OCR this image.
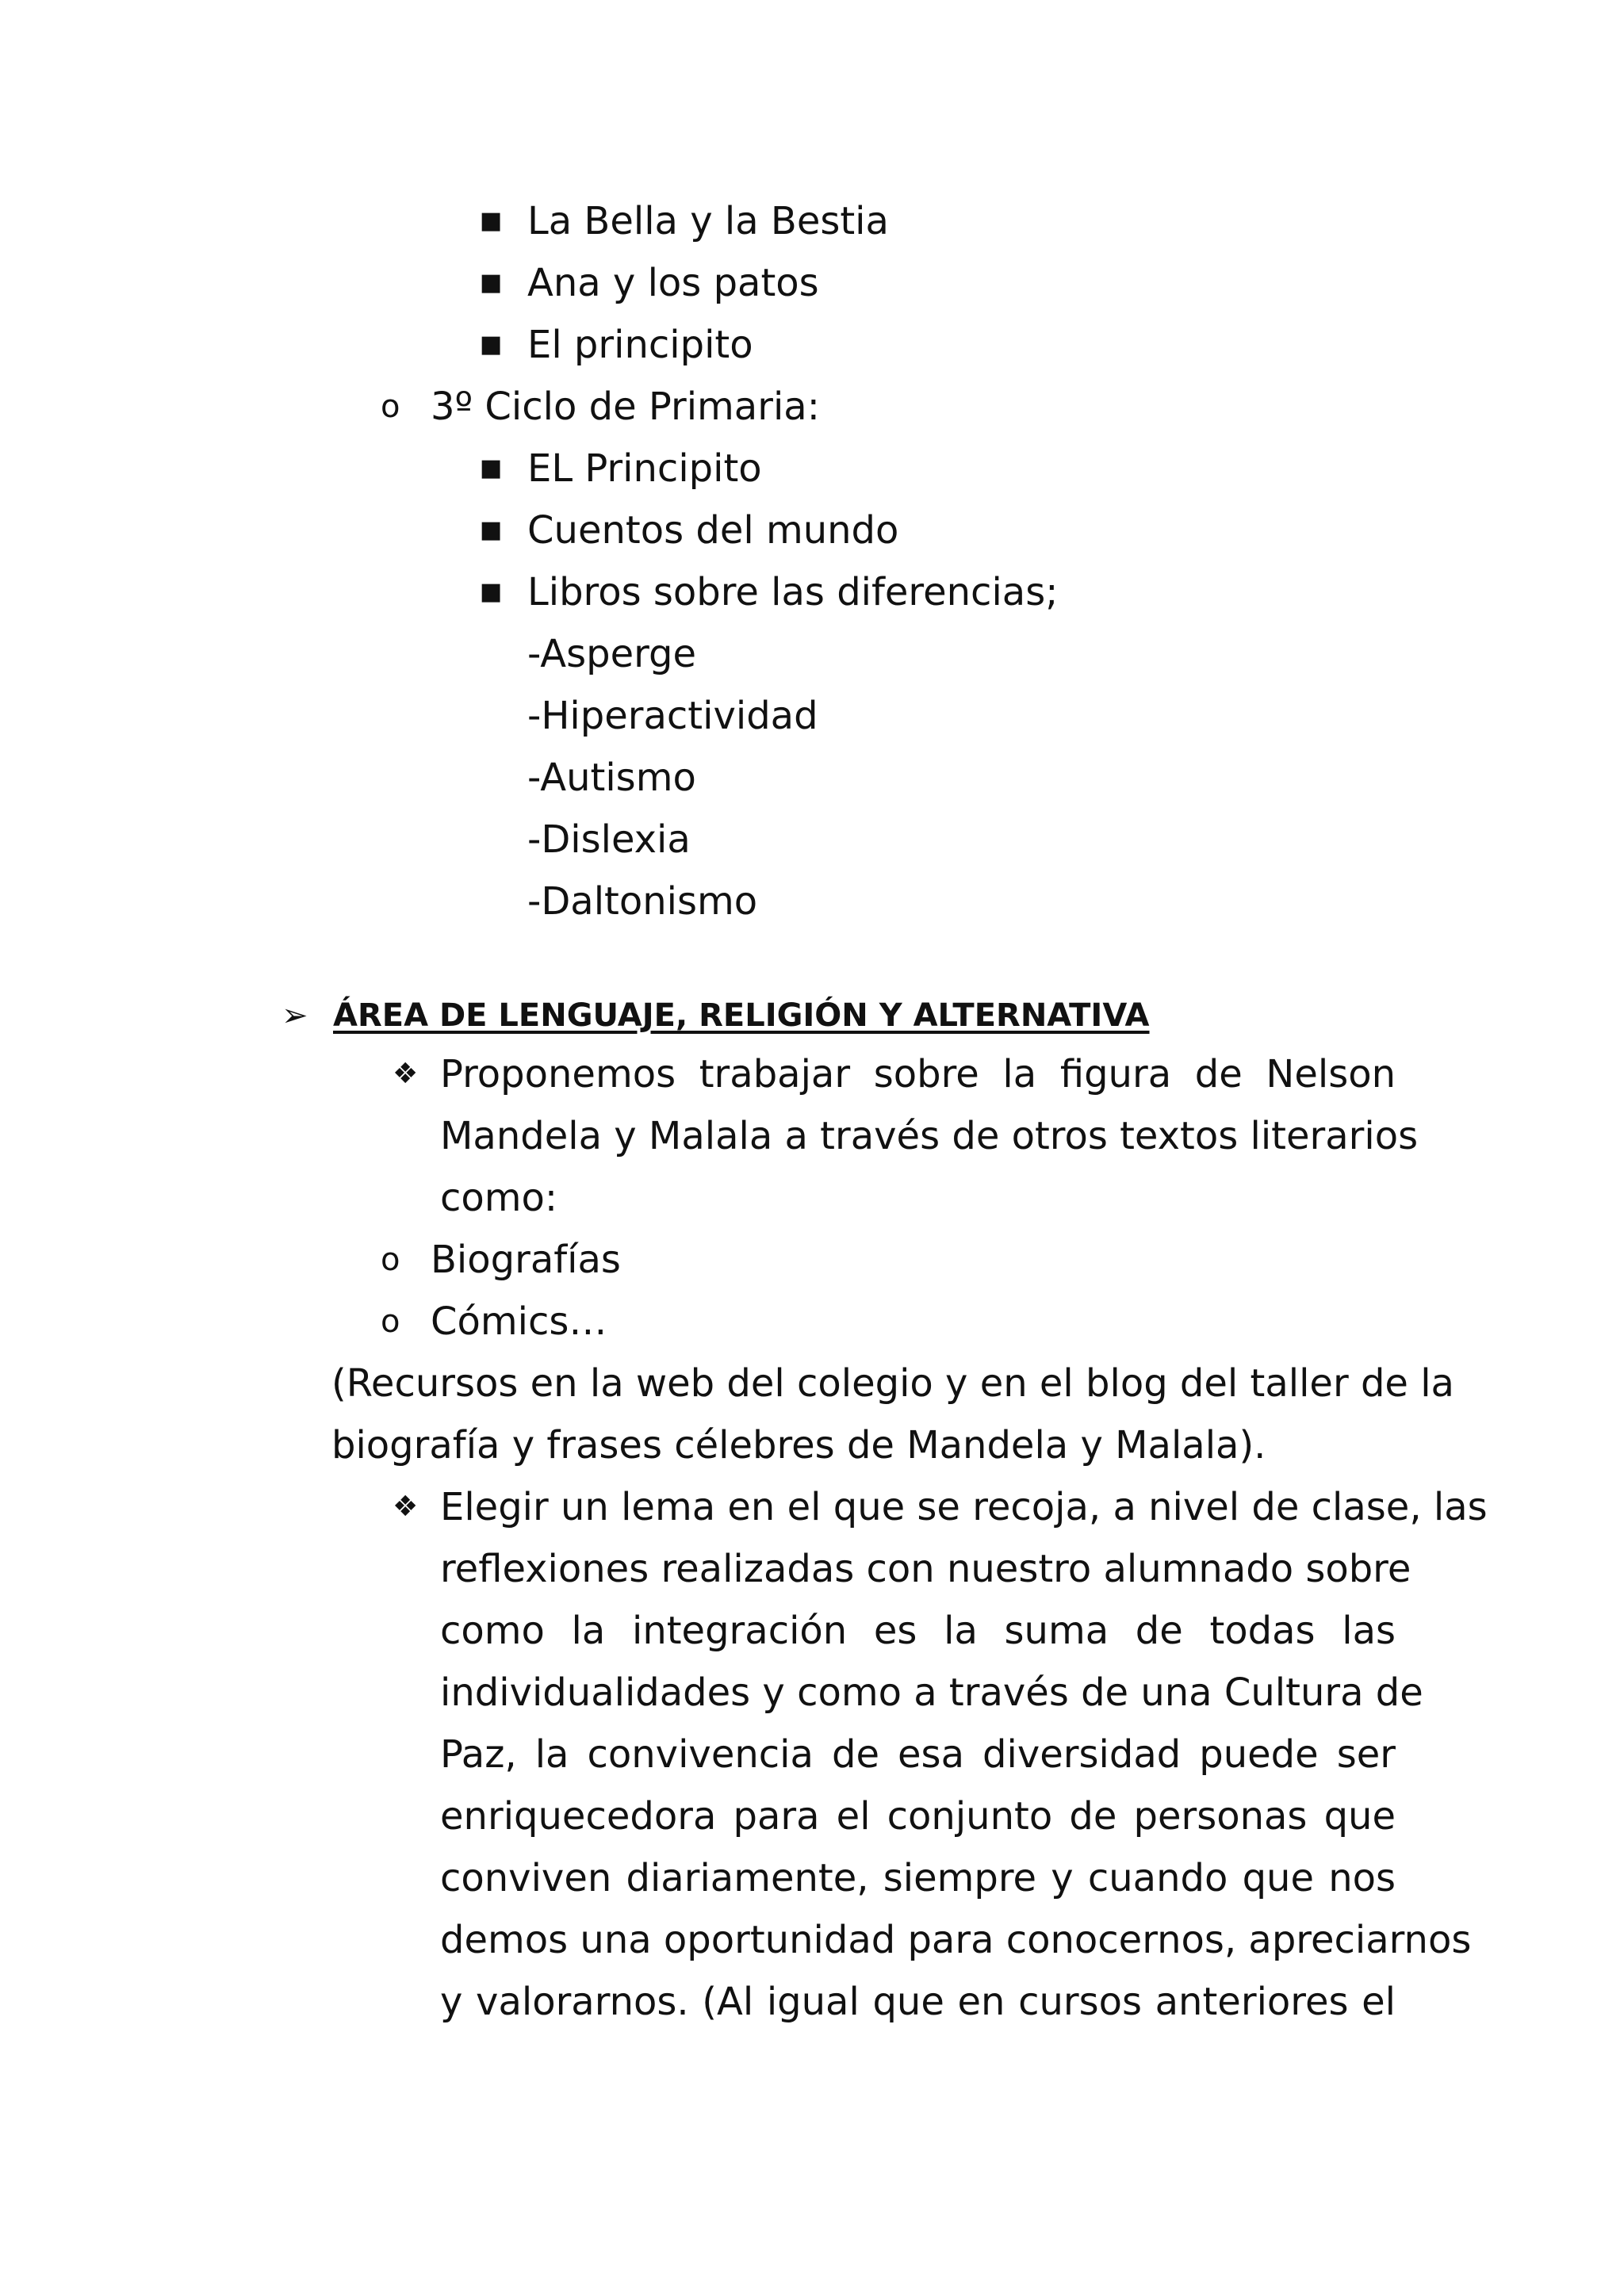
■ La Bella y la Bestia
■ Ana y los patos
■ El principito
o 3º Ciclo de Primaria:
■ EL Principito
■ Cuentos del mundo
■ Libros sobre las diferencias;
-Asperge
-Hiperactividad
-Autismo
-Dislexia
-Daltonismo
➢ ÁREA DE LENGUAJE, RELIGIÓN Y ALTERNATIVA
❖ Proponemos trabajar sobre la figura de Nelson
Mandela y Malala a través de otros textos literarios
como:
o Biografías
o Cómics…
(Recursos en la web del colegio y en el blog del taller de la
biografía y frases célebres de Mandela y Malala).
❖ Elegir un lema en el que se recoja, a nivel de clase, las
reflexiones realizadas con nuestro alumnado sobre
como la integración es la suma de todas las
individualidades y como a través de una Cultura de
Paz, la convivencia de esa diversidad puede ser
enriquecedora para el conjunto de personas que
conviven diariamente, siempre y cuando que nos
demos una oportunidad para conocernos, apreciarnos
y valorarnos. (Al igual que en cursos anteriores el
